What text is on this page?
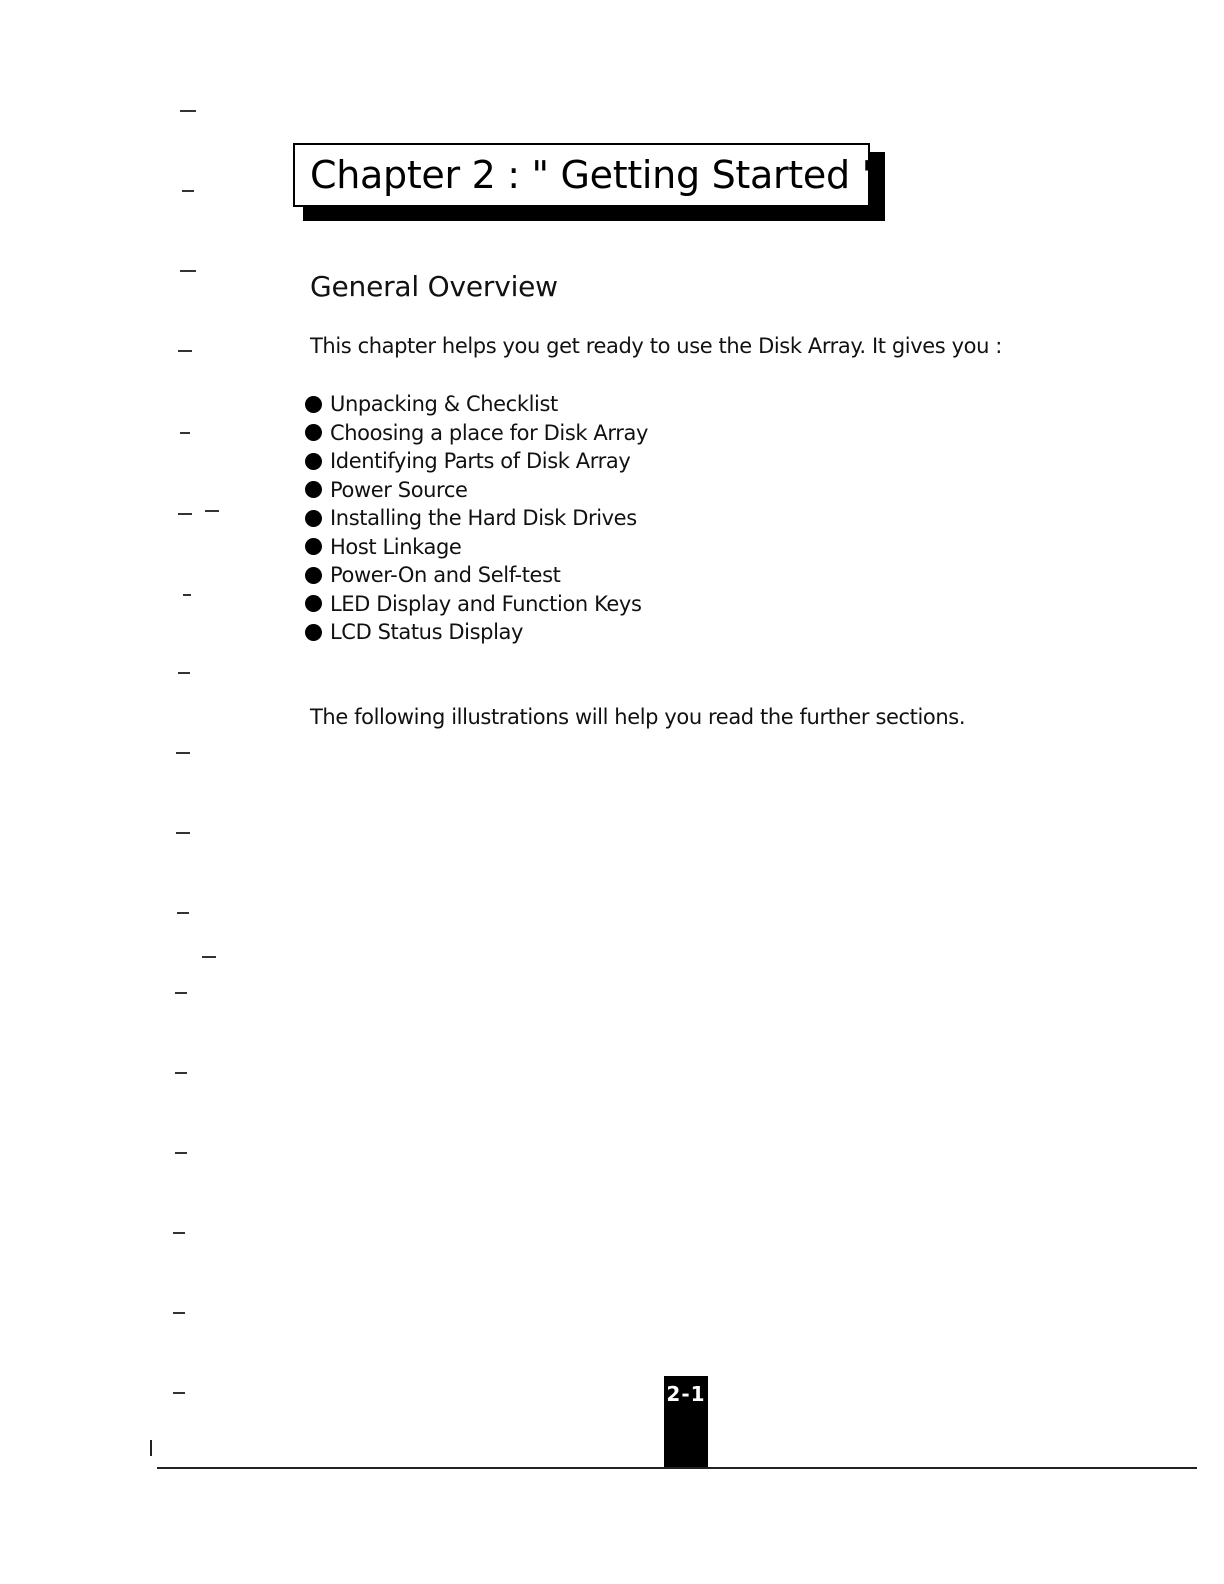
Chapter 2 : " Getting Started "
General Overview
This chapter helps you get ready to use the Disk Array. It gives you :
Unpacking & Checklist
Choosing a place for Disk Array
Identifying Parts of Disk Array
Power Source
Installing the Hard Disk Drives
Host Linkage
Power-On and Self-test
LED Display and Function Keys
LCD Status Display
The following illustrations will help you read the further sections.
2-1
